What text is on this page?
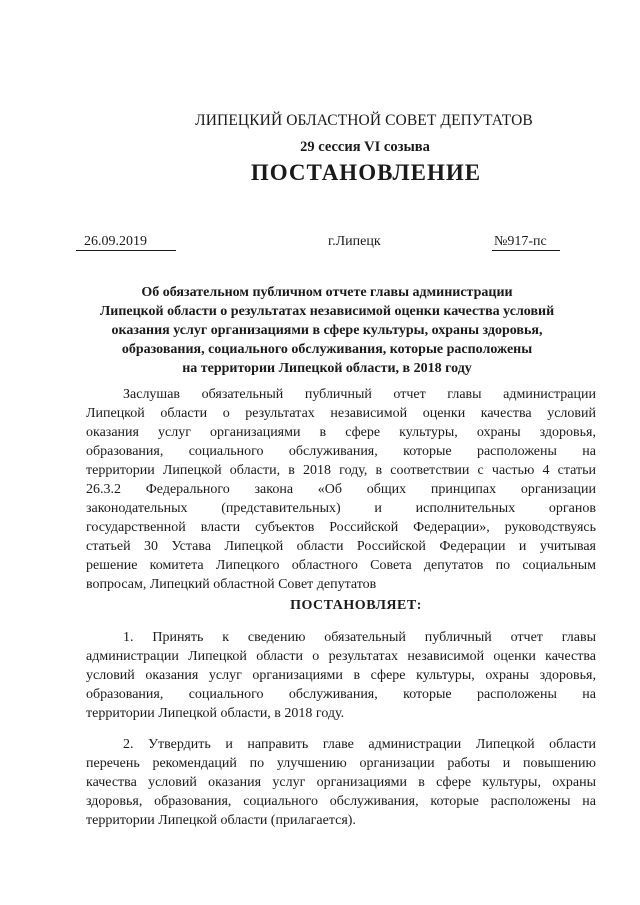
ЛИПЕЦКИЙ ОБЛАСТНОЙ СОВЕТ ДЕПУТАТОВ
29 сессия VI созыва
ПОСТАНОВЛЕНИЕ
26.09.2019	г.Липецк	№917-пс
Об обязательном публичном отчете главы администрации
Липецкой области о результатах независимой оценки качества условий
оказания услуг организациями в сфере культуры, охраны здоровья,
образования, социального обслуживания, которые расположены
на территории Липецкой области, в 2018 году
Заслушав обязательный публичный отчет главы администрации
Липецкой области о результатах независимой оценки качества условий
оказания услуг организациями в сфере культуры, охраны здоровья,
образования, социального обслуживания, которые расположены на
территории Липецкой области, в 2018 году, в соответствии с частью 4 статьи
26.3.2 Федерального закона «Об общих принципах организации
законодательных (представительных) и исполнительных органов
государственной власти субъектов Российской Федерации», руководствуясь
статьей 30 Устава Липецкой области Российской Федерации и учитывая
решение комитета Липецкого областного Совета депутатов по социальным
вопросам, Липецкий областной Совет депутатов
ПОСТАНОВЛЯЕТ:
1. Принять к сведению обязательный публичный отчет главы
администрации Липецкой области о результатах независимой оценки качества
условий оказания услуг организациями в сфере культуры, охраны здоровья,
образования, социального обслуживания, которые расположены на
территории Липецкой области, в 2018 году.
2. Утвердить и направить главе администрации Липецкой области
перечень рекомендаций по улучшению организации работы и повышению
качества условий оказания услуг организациями в сфере культуры, охраны
здоровья, образования, социального обслуживания, которые расположены на
территории Липецкой области (прилагается).
